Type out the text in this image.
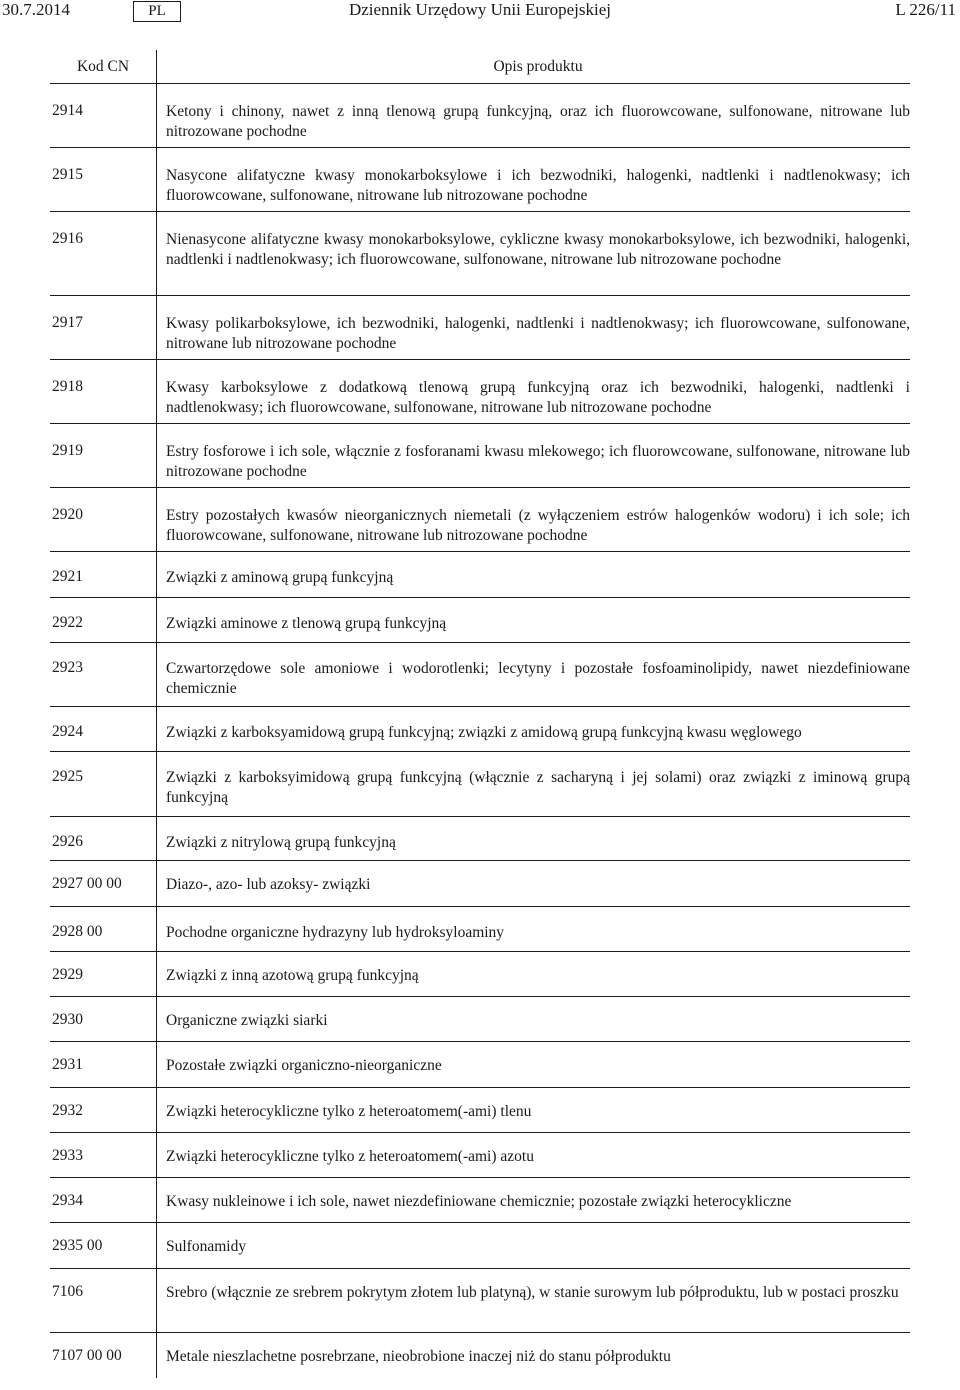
30.7.2014	PL	Dziennik Urzędowy Unii Europejskiej	L 226/11
Kod CN	Opis produktu
2914	Ketony i chinony, nawet z inną tlenową grupą funkcyjną, oraz ich fluorowcowane, sulfonowane, nitrowane lub nitrozowane pochodne
2915	Nasycone alifatyczne kwasy monokarboksylowe i ich bezwodniki, halogenki, nadtlenki i nadtlenokwasy; ich fluorowcowane, sulfonowane, nitrowane lub nitrozowane pochodne
2916	Nienasycone alifatyczne kwasy monokarboksylowe, cykliczne kwasy monokarboksylowe, ich bezwodniki, halogenki, nadtlenki i nadtlenokwasy; ich fluorowcowane, sulfonowane, nitrowane lub nitrozowane pochodne
2917	Kwasy polikarboksylowe, ich bezwodniki, halogenki, nadtlenki i nadtlenokwasy; ich fluorowcowane, sulfonowane, nitrowane lub nitrozowane pochodne
2918	Kwasy karboksylowe z dodatkową tlenową grupą funkcyjną oraz ich bezwodniki, halogenki, nadtlenki i nadtlenokwasy; ich fluorowcowane, sulfonowane, nitrowane lub nitrozowane pochodne
2919	Estry fosforowe i ich sole, włącznie z fosforanami kwasu mlekowego; ich fluorowcowane, sulfonowane, nitrowane lub nitrozowane pochodne
2920	Estry pozostałych kwasów nieorganicznych niemetali (z wyłączeniem estrów halogenków wodoru) i ich sole; ich fluorowcowane, sulfonowane, nitrowane lub nitrozowane pochodne
2921	Związki z aminową grupą funkcyjną
2922	Związki aminowe z tlenową grupą funkcyjną
2923	Czwartorzędowe sole amoniowe i wodorotlenki; lecytyny i pozostałe fosfoaminolipidy, nawet niezdefiniowane chemicznie
2924	Związki z karboksyamidową grupą funkcyjną; związki z amidową grupą funkcyjną kwasu węglowego
2925	Związki z karboksyimidową grupą funkcyjną (włącznie z sacharyną i jej solami) oraz związki z iminową grupą funkcyjną
2926	Związki z nitrylową grupą funkcyjną
2927 00 00	Diazo-, azo- lub azoksy- związki
2928 00	Pochodne organiczne hydrazyny lub hydroksyloaminy
2929	Związki z inną azotową grupą funkcyjną
2930	Organiczne związki siarki
2931	Pozostałe związki organiczno-nieorganiczne
2932	Związki heterocykliczne tylko z heteroatomem(-ami) tlenu
2933	Związki heterocykliczne tylko z heteroatomem(-ami) azotu
2934	Kwasy nukleinowe i ich sole, nawet niezdefiniowane chemicznie; pozostałe związki heterocykliczne
2935 00	Sulfonamidy
7106	Srebro (włącznie ze srebrem pokrytym złotem lub platyną), w stanie surowym lub półproduktu, lub w postaci proszku
7107 00 00	Metale nieszlachetne posrebrzane, nieobrobione inaczej niż do stanu półproduktu
